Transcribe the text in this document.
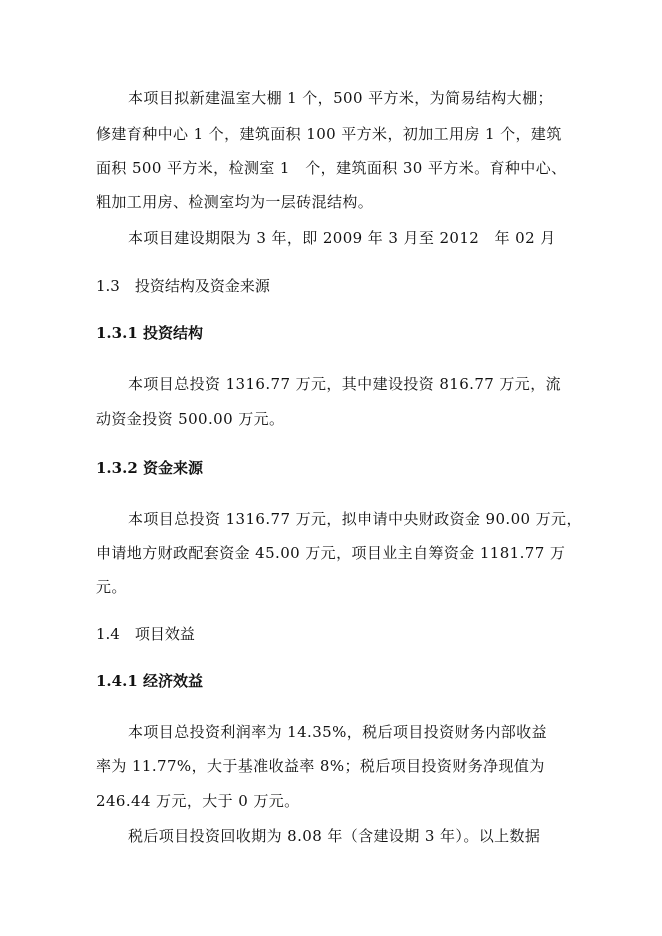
本项目拟新建温室大棚 1 个，500 平方米，为简易结构大棚；
修建育种中心 1 个，建筑面积 100 平方米，初加工用房 1 个，建筑
面积 500 平方米，检测室 1　个，建筑面积 30 平方米。育种中心、
粗加工用房、检测室均为一层砖混结构。
本项目建设期限为 3 年，即 2009 年 3 月至 2012　年 02 月
1.3　投资结构及资金来源
1.3.1 投资结构
本项目总投资 1316.77 万元，其中建设投资 816.77 万元，流
动资金投资 500.00 万元。
1.3.2 资金来源
本项目总投资 1316.77 万元，拟申请中央财政资金 90.00 万元，
申请地方财政配套资金 45.00 万元，项目业主自筹资金 1181.77 万
元。
1.4　项目效益
1.4.1 经济效益
本项目总投资利润率为 14.35%，税后项目投资财务内部收益
率为 11.77%，大于基准收益率 8%；税后项目投资财务净现值为
246.44 万元，大于 0 万元。
税后项目投资回收期为 8.08 年（含建设期 3 年）。以上数据
